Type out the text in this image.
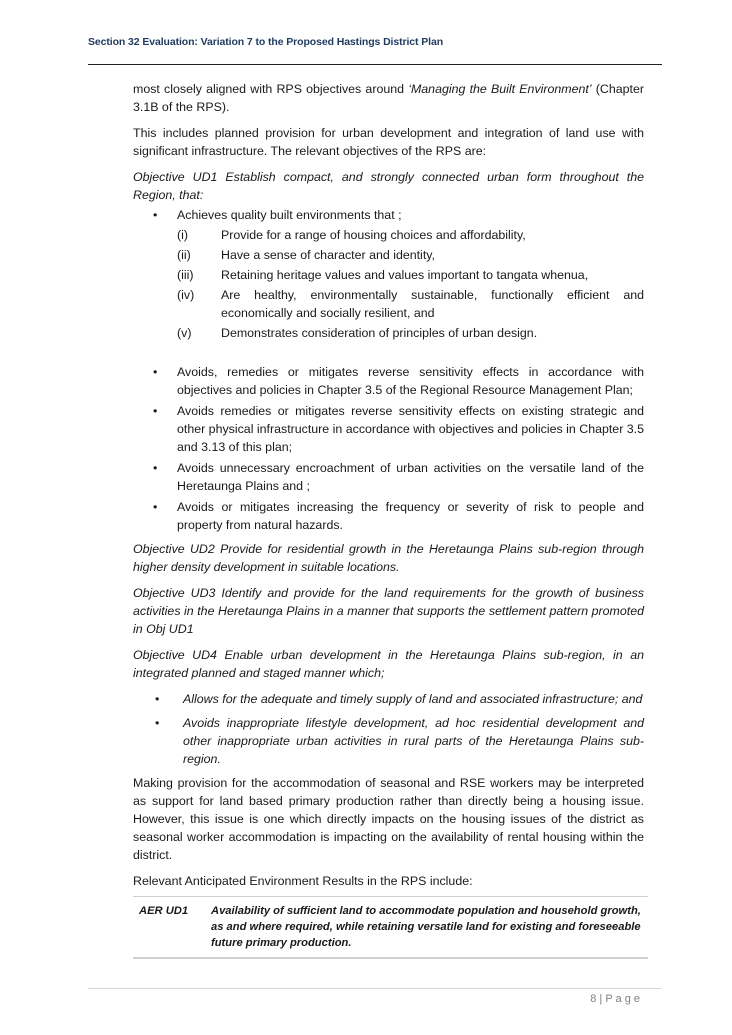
Section 32 Evaluation: Variation 7 to the Proposed Hastings District Plan

most closely aligned with RPS objectives around ‘Managing the Built Environment’ (Chapter 3.1B of the RPS).

This includes planned provision for urban development and integration of land use with significant infrastructure. The relevant objectives of the RPS are:

Objective UD1 Establish compact, and strongly connected urban form throughout the Region, that:

• Achieves quality built environments that ;
(i)	Provide for a range of housing choices and affordability,
(ii) Have a sense of character and identity,
(iii) Retaining heritage values and values important to tangata whenua,
(iv) Are healthy, environmentally sustainable, functionally efficient and economically and socially resilient, and
(v) Demonstrates consideration of principles of urban design.
• Avoids, remedies or mitigates reverse sensitivity effects in accordance with objectives and policies in Chapter 3.5 of the Regional Resource Management Plan;
• Avoids remedies or mitigates reverse sensitivity effects on existing strategic and other physical infrastructure in accordance with objectives and policies in Chapter 3.5 and 3.13 of this plan;
• Avoids unnecessary encroachment of urban activities on the versatile land of the Heretaunga Plains and ;
• Avoids or mitigates increasing the frequency or severity of risk to people and property from natural hazards.

Objective UD2 Provide for residential growth in the Heretaunga Plains sub-region through higher density development in suitable locations.

Objective UD3 Identify and provide for the land requirements for the growth of business activities in the Heretaunga Plains in a manner that supports the settlement pattern promoted in Obj UD1

Objective UD4 Enable urban development in the Heretaunga Plains sub-region, in an integrated planned and staged manner which;

• Allows for the adequate and timely supply of land and associated infrastructure; and
• Avoids inappropriate lifestyle development, ad hoc residential development and other inappropriate urban activities in rural parts of the Heretaunga Plains sub-region.

Making provision for the accommodation of seasonal and RSE workers may be interpreted as support for land based primary production rather than directly being a housing issue. However, this issue is one which directly impacts on the housing issues of the district as seasonal worker accommodation is impacting on the availability of rental housing within the district.

Relevant Anticipated Environment Results in the RPS include:

AER UD1	Availability of sufficient land to accommodate population and household growth, as and where required, while retaining versatile land for existing and foreseeable future primary production.
8 | P a g e
